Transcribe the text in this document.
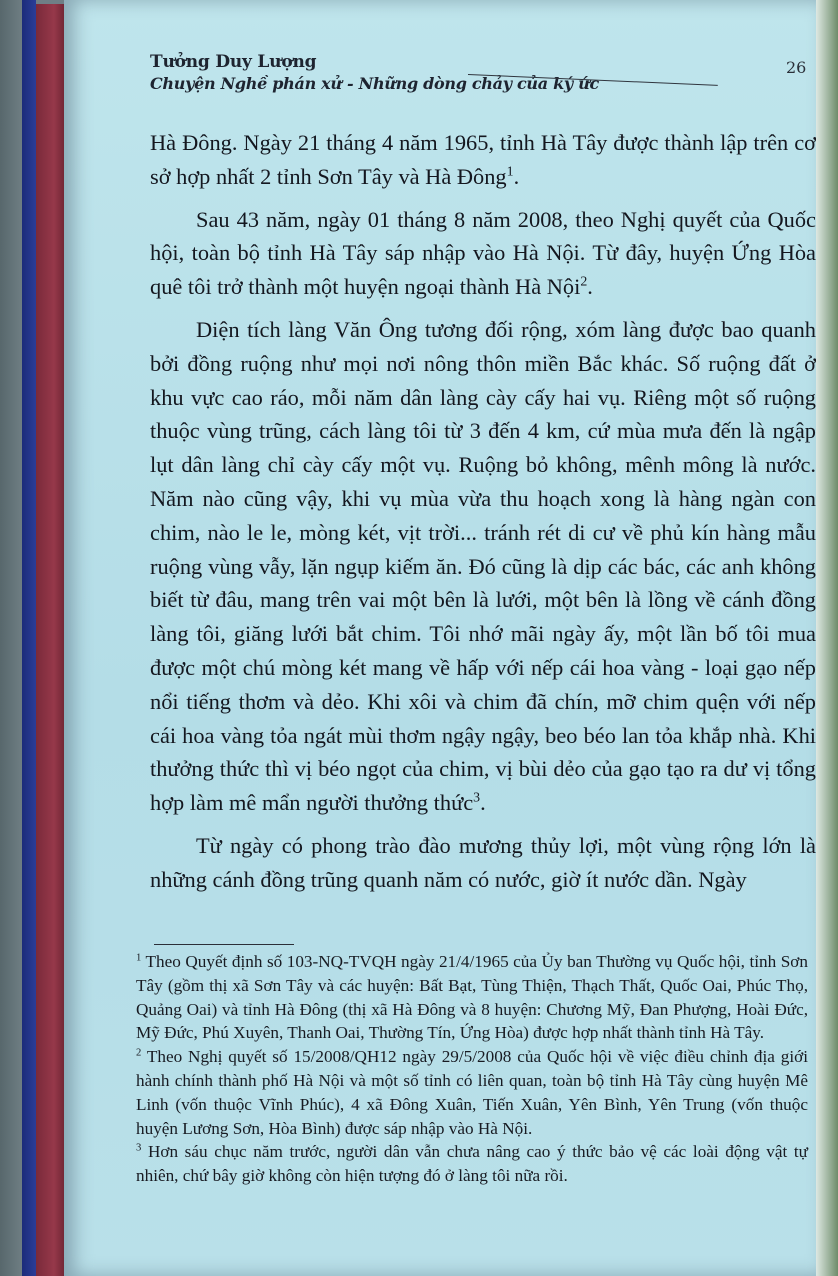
Tưởng Duy Lượng
Chuyện Nghề phán xử - Những dòng chảy của ký ức
26

Hà Đông. Ngày 21 tháng 4 năm 1965, tỉnh Hà Tây được thành lập trên cơ sở hợp nhất 2 tỉnh Sơn Tây và Hà Đông$^1$.

Sau 43 năm, ngày 01 tháng 8 năm 2008, theo Nghị quyết của Quốc hội, toàn bộ tỉnh Hà Tây sáp nhập vào Hà Nội. Từ đây, huyện Ứng Hòa quê tôi trở thành một huyện ngoại thành Hà Nội$^2$.

Diện tích làng Văn Ông tương đối rộng, xóm làng được bao quanh bởi đồng ruộng như mọi nơi nông thôn miền Bắc khác. Số ruộng đất ở khu vực cao ráo, mỗi năm dân làng cày cấy hai vụ. Riêng một số ruộng thuộc vùng trũng, cách làng tôi từ 3 đến 4 km, cứ mùa mưa đến là ngập lụt dân làng chỉ cày cấy một vụ. Ruộng bỏ không, mênh mông là nước. Năm nào cũng vậy, khi vụ mùa vừa thu hoạch xong là hàng ngàn con chim, nào le le, mòng két, vịt trời... tránh rét di cư về phủ kín hàng mẫu ruộng vùng vẫy, lặn ngụp kiếm ăn. Đó cũng là dịp các bác, các anh không biết từ đâu, mang trên vai một bên là lưới, một bên là lồng về cánh đồng làng tôi, giăng lưới bắt chim. Tôi nhớ mãi ngày ấy, một lần bố tôi mua được một chú mòng két mang về hấp với nếp cái hoa vàng - loại gạo nếp nổi tiếng thơm và dẻo. Khi xôi và chim đã chín, mỡ chim quện với nếp cái hoa vàng tỏa ngát mùi thơm ngậy ngậy, beo béo lan tỏa khắp nhà. Khi thưởng thức thì vị béo ngọt của chim, vị bùi dẻo của gạo tạo ra dư vị tổng hợp làm mê mẩn người thưởng thức$^3$.

Từ ngày có phong trào đào mương thủy lợi, một vùng rộng lớn là những cánh đồng trũng quanh năm có nước, giờ ít nước dần. Ngày

$^1$ Theo Quyết định số 103-NQ-TVQH ngày 21/4/1965 của Ủy ban Thường vụ Quốc hội, tỉnh Sơn Tây (gồm thị xã Sơn Tây và các huyện: Bất Bạt, Tùng Thiện, Thạch Thất, Quốc Oai, Phúc Thọ, Quảng Oai) và tỉnh Hà Đông (thị xã Hà Đông và 8 huyện: Chương Mỹ, Đan Phượng, Hoài Đức, Mỹ Đức, Phú Xuyên, Thanh Oai, Thường Tín, Ứng Hòa) được hợp nhất thành tỉnh Hà Tây.

$^2$ Theo Nghị quyết số 15/2008/QH12 ngày 29/5/2008 của Quốc hội về việc điều chỉnh địa giới hành chính thành phố Hà Nội và một số tỉnh có liên quan, toàn bộ tỉnh Hà Tây cùng huyện Mê Linh (vốn thuộc Vĩnh Phúc), 4 xã Đông Xuân, Tiến Xuân, Yên Bình, Yên Trung (vốn thuộc huyện Lương Sơn, Hòa Bình) được sáp nhập vào Hà Nội.

$^3$ Hơn sáu chục năm trước, người dân vẫn chưa nâng cao ý thức bảo vệ các loài động vật tự nhiên, chứ bây giờ không còn hiện tượng đó ở làng tôi nữa rồi.
